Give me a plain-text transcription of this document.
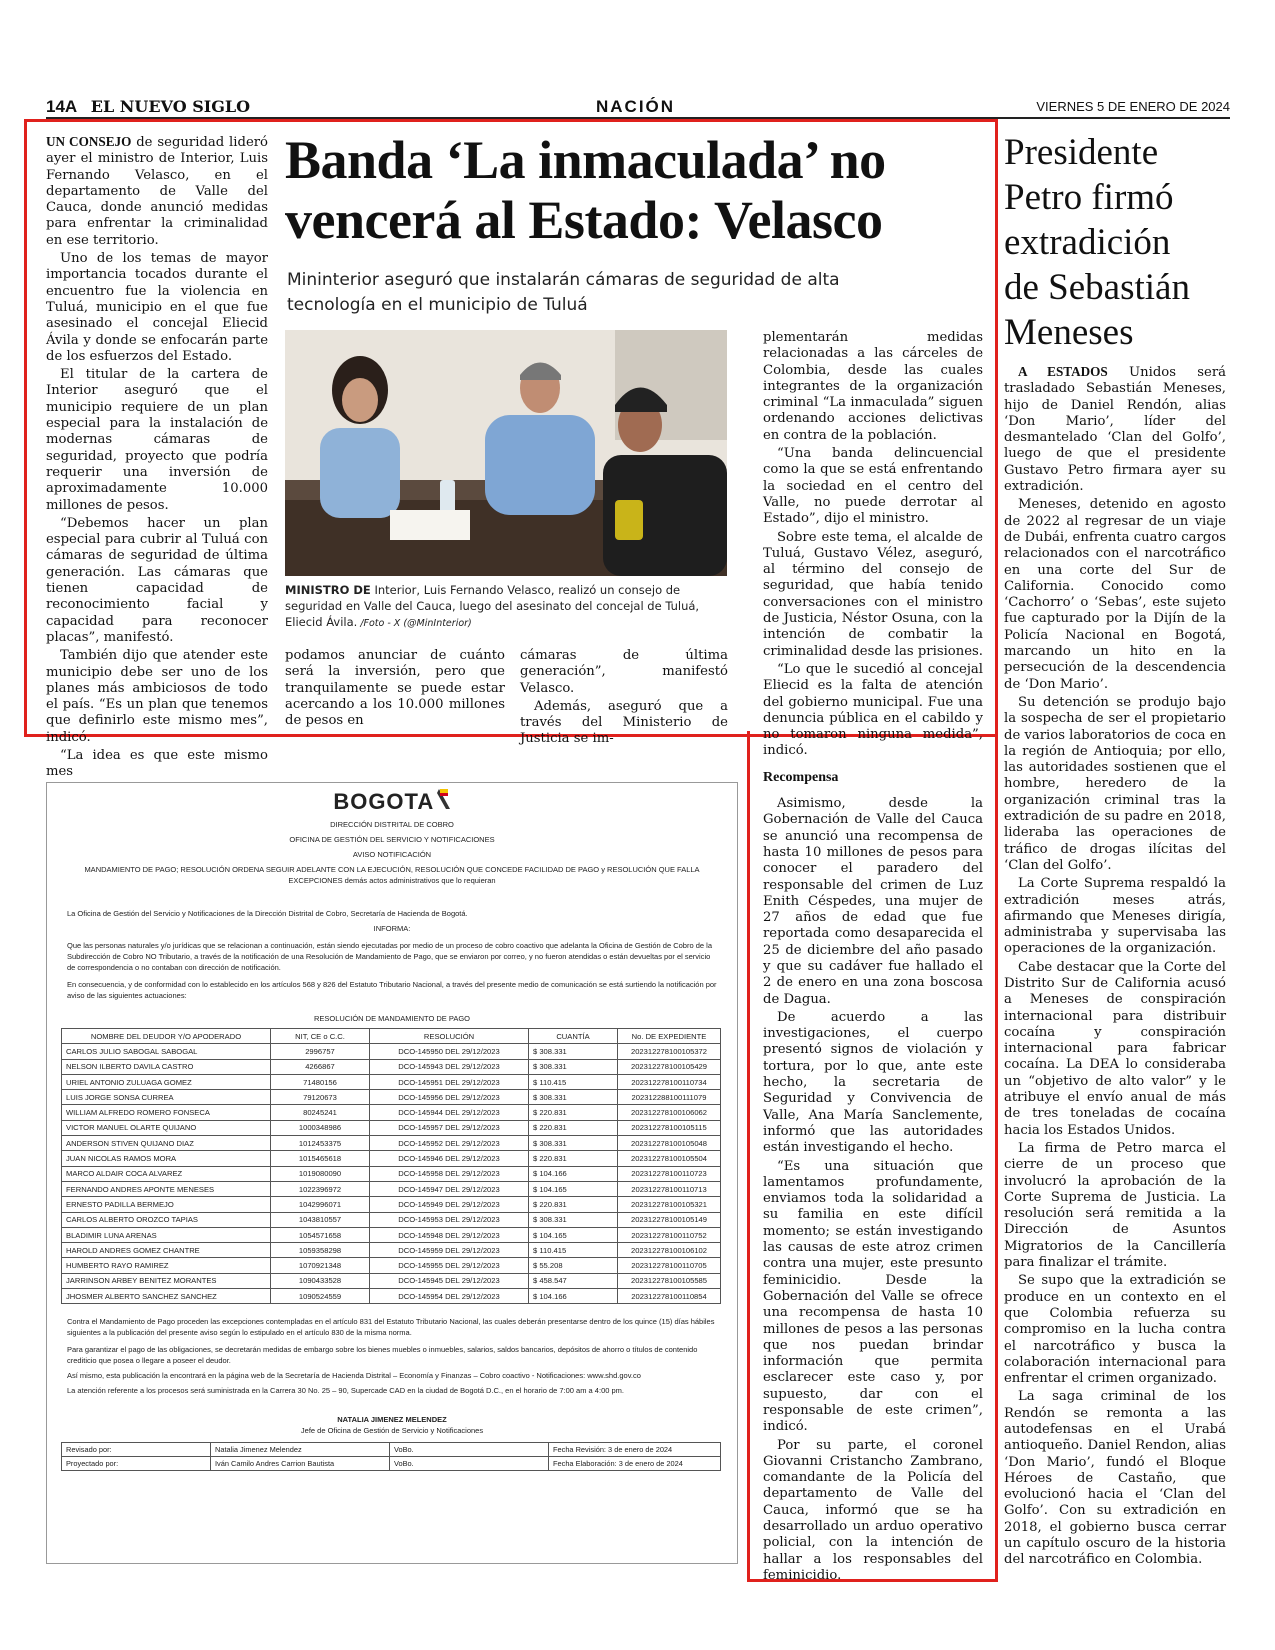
14A EL NUEVO SIGLO	NACIÓN	VIERNES 5 DE ENERO DE 2024
Banda ‘La inmaculada’ no
vencerá al Estado: Velasco
Mininterior aseguró que instalarán cámaras de seguridad de alta
tecnología en el municipio de Tuluá

UN CONSEJO de seguridad lideró ayer el ministro de Interior, Luis Fernando Velasco, en el departamento de Valle del Cauca, donde anunció medidas para enfrentar la criminalidad en ese territorio.

Uno de los temas de mayor importancia tocados durante el encuentro fue la violencia en Tuluá, municipio en el que fue asesinado el concejal Eliecid Ávila y donde se enfocarán parte de los esfuerzos del Estado.

El titular de la cartera de Interior aseguró que el municipio requiere de un plan especial para la instalación de modernas cámaras de seguridad, proyecto que podría requerir una inversión de aproximadamente 10.000 millones de pesos.

“Debemos hacer un plan especial para cubrir al Tuluá con cámaras de seguridad de última generación. Las cámaras que tienen capacidad de reconocimiento facial y capacidad para reconocer placas”, manifestó.

También dijo que atender este municipio debe ser uno de los planes más ambiciosos de todo el país. “Es un plan que tenemos que definirlo este mismo mes”, indicó.

“La idea es que este mismo mes

MINISTRO DE Interior, Luis Fernando Velasco, realizó un consejo de seguridad en Valle del Cauca, luego del asesinato del concejal de Tuluá, Eliecid Ávila. /Foto - X (@MinInterior)

podamos anunciar de cuánto será la inversión, pero que tranquilamente se puede estar acercando a los 10.000 millones de pesos en

cámaras de última generación”, manifestó Velasco.

Además, aseguró que a través del Ministerio de Justicia se im-

plementarán medidas relacionadas a las cárceles de Colombia, desde las cuales integrantes de la organización criminal “La inmaculada” siguen ordenando acciones delictivas en contra de la población.

“Una banda delincuencial como la que se está enfrentando la sociedad en el centro del Valle, no puede derrotar al Estado”, dijo el ministro.

Sobre este tema, el alcalde de Tuluá, Gustavo Vélez, aseguró, al término del consejo de seguridad, que había tenido conversaciones con el ministro de Justicia, Néstor Osuna, con la intención de combatir la criminalidad desde las prisiones.

“Lo que le sucedió al concejal Eliecid es la falta de atención del gobierno municipal. Fue una denuncia pública en el cabildo y no tomaron ninguna medida”, indicó.

Recompensa

Asimismo, desde la Gobernación de Valle del Cauca se anunció una recompensa de hasta 10 millones de pesos para conocer el paradero del responsable del crimen de Luz Enith Céspedes, una mujer de 27 años de edad que fue reportada como desaparecida el 25 de diciembre del año pasado y que su cadáver fue hallado el 2 de enero en una zona boscosa de Dagua.

De acuerdo a las investigaciones, el cuerpo presentó signos de violación y tortura, por lo que, ante este hecho, la secretaria de Seguridad y Convivencia de Valle, Ana María Sanclemente, informó que las autoridades están investigando el hecho.

“Es una situación que lamentamos profundamente, enviamos toda la solidaridad a su familia en este difícil momento; se están investigando las causas de este atroz crimen contra una mujer, este presunto feminicidio. Desde la Gobernación del Valle se ofrece una recompensa de hasta 10 millones de pesos a las personas que nos puedan brindar información que permita esclarecer este caso y, por supuesto, dar con el responsable de este crimen”, indicó.

Por su parte, el coronel Giovanni Cristancho Zambrano, comandante de la Policía del departamento de Valle del Cauca, informó que se ha desarrollado un arduo operativo policial, con la intención de hallar a los responsables del feminicidio.

Presidente
Petro firmó
extradición
de Sebastián
Meneses

A ESTADOS Unidos será trasladado Sebastián Meneses, hijo de Daniel Rendón, alias ‘Don Mario’, líder del desmantelado ‘Clan del Golfo’, luego de que el presidente Gustavo Petro firmara ayer su extradición.

Meneses, detenido en agosto de 2022 al regresar de un viaje de Dubái, enfrenta cuatro cargos relacionados con el narcotráfico en una corte del Sur de California. Conocido como ‘Cachorro’ o ‘Sebas’, este sujeto fue capturado por la Dijín de la Policía Nacional en Bogotá, marcando un hito en la persecución de la descendencia de ‘Don Mario’.

Su detención se produjo bajo la sospecha de ser el propietario de varios laboratorios de coca en la región de Antioquia; por ello, las autoridades sostienen que el hombre, heredero de la organización criminal tras la extradición de su padre en 2018, lideraba las operaciones de tráfico de drogas ilícitas del ‘Clan del Golfo’.

La Corte Suprema respaldó la extradición meses atrás, afirmando que Meneses dirigía, administraba y supervisaba las operaciones de la organización.

Cabe destacar que la Corte del Distrito Sur de California acusó a Meneses de conspiración internacional para distribuir cocaína y conspiración internacional para fabricar cocaína. La DEA lo consideraba un “objetivo de alto valor” y le atribuye el envío anual de más de tres toneladas de cocaína hacia los Estados Unidos.

La firma de Petro marca el cierre de un proceso que involucró la aprobación de la Corte Suprema de Justicia. La resolución será remitida a la Dirección de Asuntos Migratorios de la Cancillería para finalizar el trámite.

Se supo que la extradición se produce en un contexto en el que Colombia refuerza su compromiso en la lucha contra el narcotráfico y busca la colaboración internacional para enfrentar el crimen organizado.

La saga criminal de los Rendón se remonta a las autodefensas en el Urabá antioqueño. Daniel Rendon, alias ‘Don Mario’, fundó el Bloque Héroes de Castaño, que evolucionó hacia el ‘Clan del Golfo’. Con su extradición en 2018, el gobierno busca cerrar un capítulo oscuro de la historia del narcotráfico en Colombia.

BOGOTA
DIRECCIÓN DISTRITAL DE COBRO
OFICINA DE GESTIÓN DEL SERVICIO Y NOTIFICACIONES
AVISO NOTIFICACIÓN
MANDAMIENTO DE PAGO; RESOLUCIÓN ORDENA SEGUIR ADELANTE CON LA EJECUCIÓN, RESOLUCIÓN QUE CONCEDE FACILIDAD DE PAGO y RESOLUCIÓN QUE FALLA EXCEPCIONES demás actos administrativos que lo requieran
La Oficina de Gestión del Servicio y Notificaciones de la Dirección Distrital de Cobro, Secretaría de Hacienda de Bogotá.
INFORMA:
Que las personas naturales y/o jurídicas que se relacionan a continuación, están siendo ejecutadas por medio de un proceso de cobro coactivo que adelanta la Oficina de Gestión de Cobro de la Subdirección de Cobro NO Tributario, a través de la notificación de una Resolución de Mandamiento de Pago, que se enviaron por correo, y no fueron atendidas o están devueltas por el servicio de correspondencia o no contaban con dirección de notificación.
En consecuencia, y de conformidad con lo establecido en los artículos 568 y 826 del Estatuto Tributario Nacional, a través del presente medio de comunicación se está surtiendo la notificación por aviso de las siguientes actuaciones:
RESOLUCIÓN DE MANDAMIENTO DE PAGO
NOMBRE DEL DEUDOR Y/O APODERADO	NIT, CE o C.C.	RESOLUCIÓN	CUANTÍA	No. DE EXPEDIENTE
CARLOS JULIO SABOGAL SABOGAL	2996757	DCO-145950 DEL 29/12/2023	$ 308.331	202312278100105372
NELSON ILBERTO DAVILA CASTRO	4266867	DCO-145943 DEL 29/12/2023	$ 308.331	202312278100105429
URIEL ANTONIO ZULUAGA GOMEZ	71480156	DCO-145951 DEL 29/12/2023	$ 110.415	202312278100110734
LUIS JORGE SONSA CURREA	79120673	DCO-145956 DEL 29/12/2023	$ 308.331	202312288100111079
WILLIAM ALFREDO ROMERO FONSECA	80245241	DCO-145944 DEL 29/12/2023	$ 220.831	202312278100106062
VICTOR MANUEL OLARTE QUIJANO	1000348986	DCO-145957 DEL 29/12/2023	$ 220.831	202312278100105115
ANDERSON STIVEN QUIJANO DIAZ	1012453375	DCO-145952 DEL 29/12/2023	$ 308.331	202312278100105048
JUAN NICOLAS RAMOS MORA	1015465618	DCO-145946 DEL 29/12/2023	$ 220.831	202312278100105504
MARCO ALDAIR COCA ALVAREZ	1019080090	DCO-145958 DEL 29/12/2023	$ 104.166	202312278100110723
FERNANDO ANDRES APONTE MENESES	1022396972	DCO-145947 DEL 29/12/2023	$ 104.165	202312278100110713
ERNESTO PADILLA BERMEJO	1042996071	DCO-145949 DEL 29/12/2023	$ 220.831	202312278100105321
CARLOS ALBERTO OROZCO TAPIAS	1043810557	DCO-145953 DEL 29/12/2023	$ 308.331	202312278100105149
BLADIMIR LUNA ARENAS	1054571658	DCO-145948 DEL 29/12/2023	$ 104.165	202312278100110752
HAROLD ANDRES GOMEZ CHANTRE	1059358298	DCO-145959 DEL 29/12/2023	$ 110.415	202312278100106102
HUMBERTO RAYO RAMIREZ	1070921348	DCO-145955 DEL 29/12/2023	$ 55.208	202312278100110705
JARRINSON ARBEY BENITEZ MORANTES	1090433528	DCO-145945 DEL 29/12/2023	$ 458.547	202312278100105585
JHOSMER ALBERTO SANCHEZ SANCHEZ	1090524559	DCO-145954 DEL 29/12/2023	$ 104.166	202312278100110854
Contra el Mandamiento de Pago proceden las excepciones contempladas en el artículo 831 del Estatuto Tributario Nacional, las cuales deberán presentarse dentro de los quince (15) días hábiles siguientes a la publicación del presente aviso según lo estipulado en el artículo 830 de la misma norma.
Para garantizar el pago de las obligaciones, se decretarán medidas de embargo sobre los bienes muebles o inmuebles, salarios, saldos bancarios, depósitos de ahorro o títulos de contenido crediticio que posea o llegare a poseer el deudor.
Así mismo, esta publicación la encontrará en la página web de la Secretaría de Hacienda Distrital – Economía y Finanzas – Cobro coactivo - Notificaciones: www.shd.gov.co
La atención referente a los procesos será suministrada en la Carrera 30 No. 25 – 90, Supercade CAD en la ciudad de Bogotá D.C., en el horario de 7:00 am a 4:00 pm.
NATALIA JIMENEZ MELENDEZ
Jefe de Oficina de Gestión de Servicio y Notificaciones
Revisado por:	Natalia Jimenez Melendez	VoBo.	Fecha Revisión: 3 de enero de 2024
Proyectado por:	Iván Camilo Andres Carrion Bautista	VoBo.	Fecha Elaboración: 3 de enero de 2024
